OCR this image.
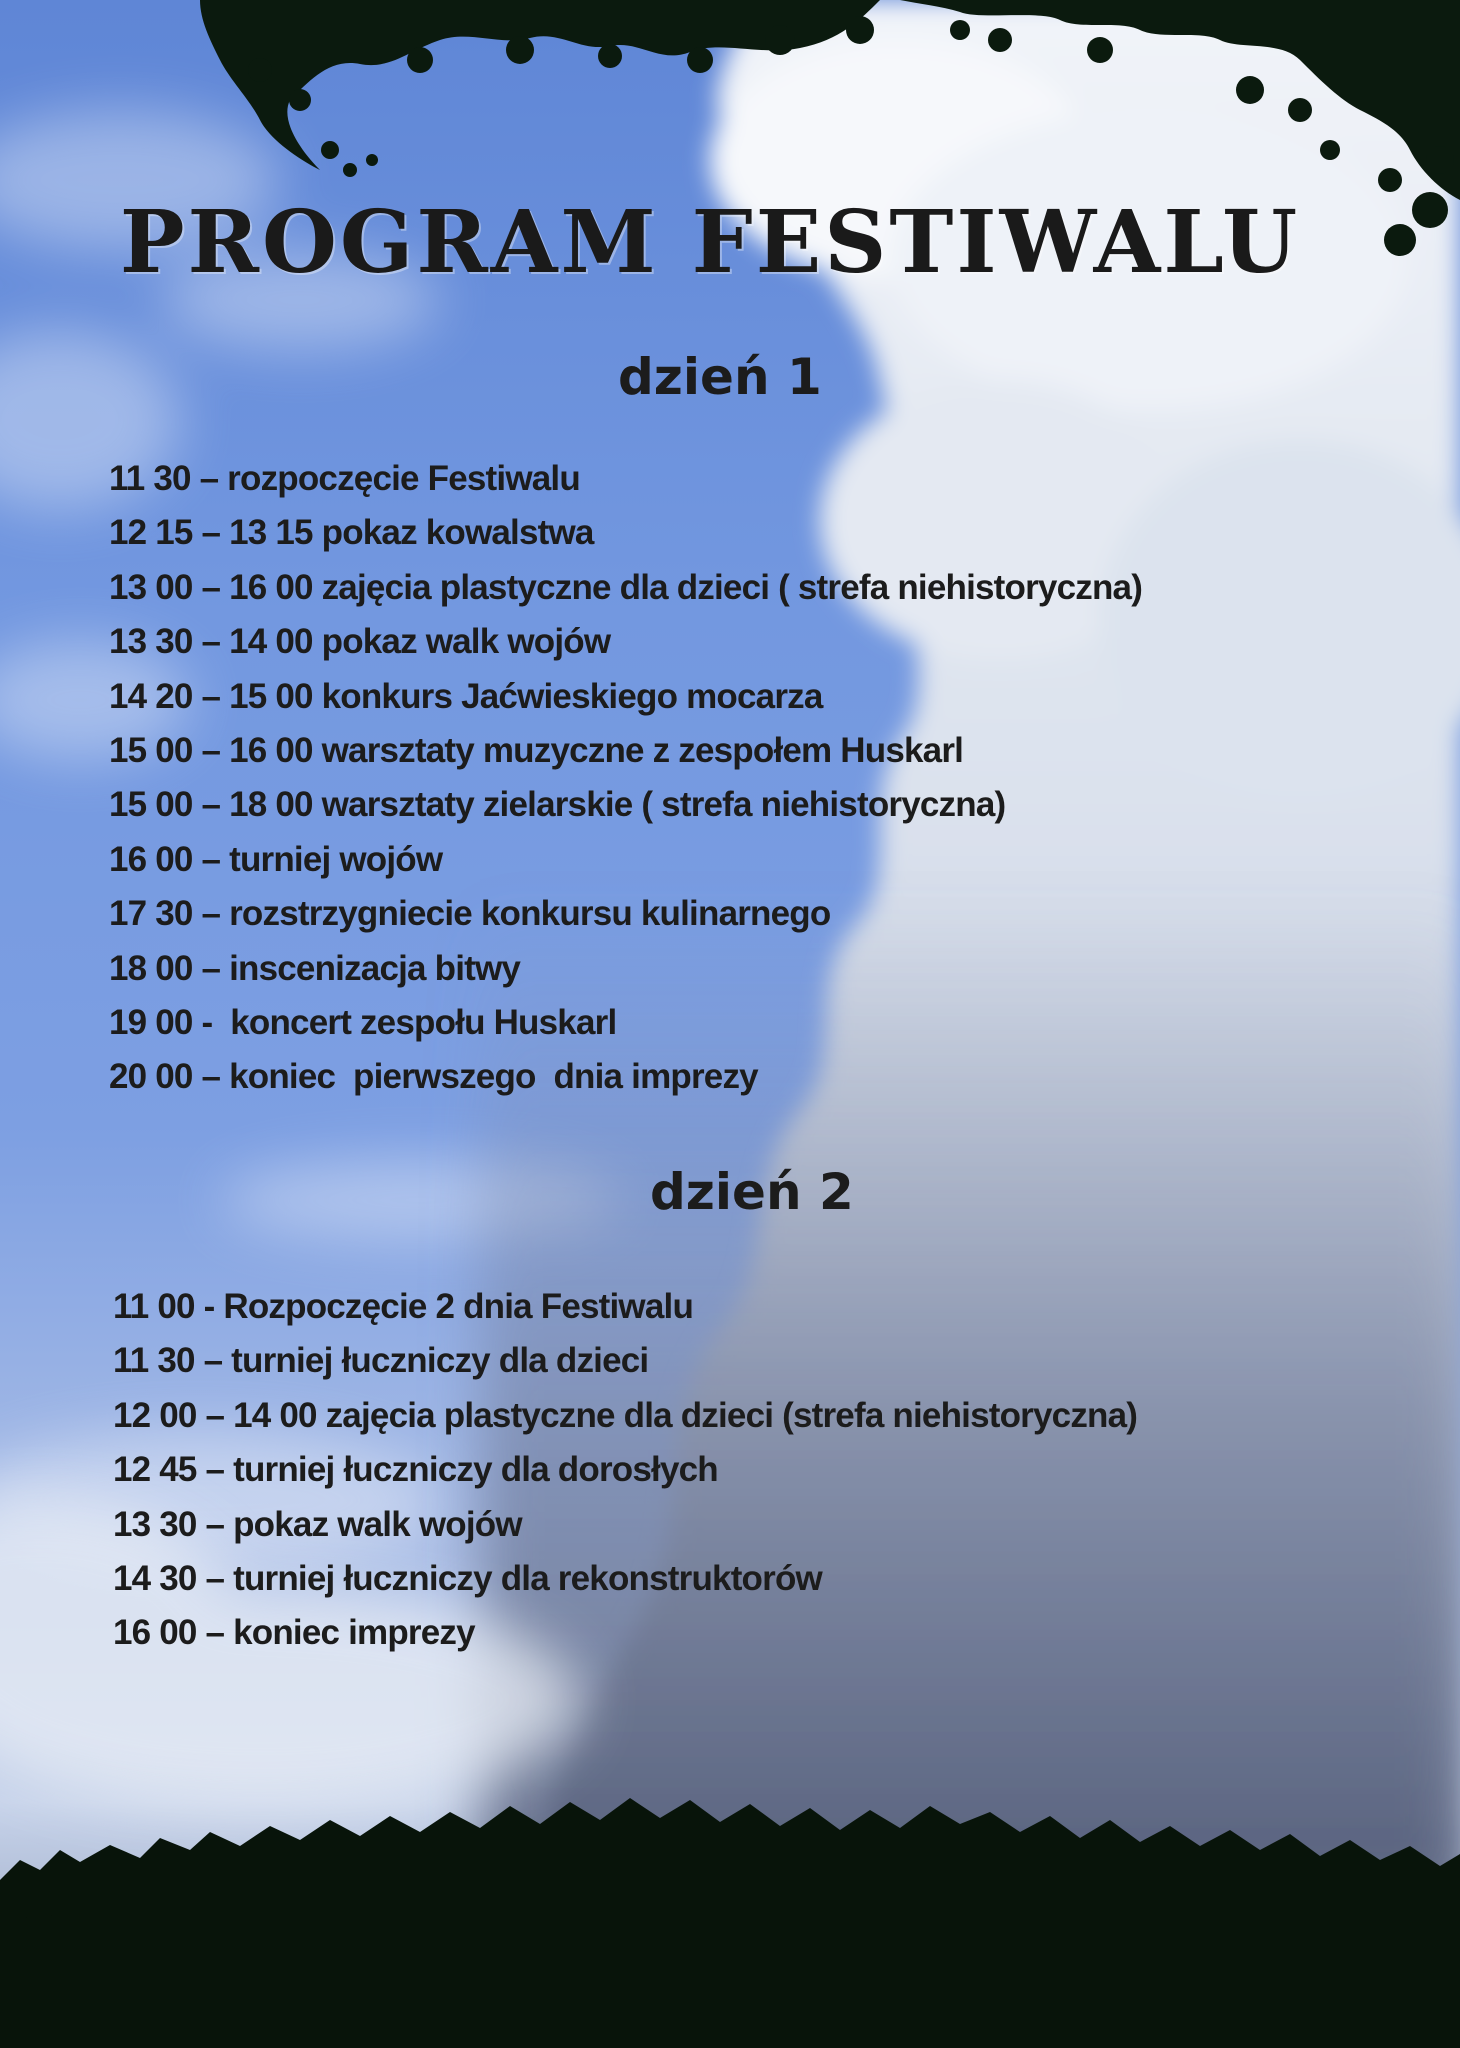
PROGRAM FESTIWALU
dzień 1
11 30 – rozpoczęcie Festiwalu
12 15 – 13 15 pokaz kowalstwa
13 00 – 16 00 zajęcia plastyczne dla dzieci ( strefa niehistoryczna)
13 30 – 14 00 pokaz walk wojów
14 20 – 15 00 konkurs Jaćwieskiego mocarza
15 00 – 16 00 warsztaty muzyczne z zespołem Huskarl
15 00 – 18 00 warsztaty zielarskie ( strefa niehistoryczna)
16 00 – turniej wojów
17 30 – rozstrzygniecie konkursu kulinarnego
18 00 – inscenizacja bitwy
19 00 -  koncert zespołu Huskarl
20 00 – koniec  pierwszego  dnia imprezy
dzień 2
11 00 - Rozpoczęcie 2 dnia Festiwalu
11 30 – turniej łuczniczy dla dzieci
12 00 – 14 00 zajęcia plastyczne dla dzieci (strefa niehistoryczna)
12 45 – turniej łuczniczy dla dorosłych
13 30 – pokaz walk wojów
14 30 – turniej łuczniczy dla rekonstruktorów
16 00 – koniec imprezy
